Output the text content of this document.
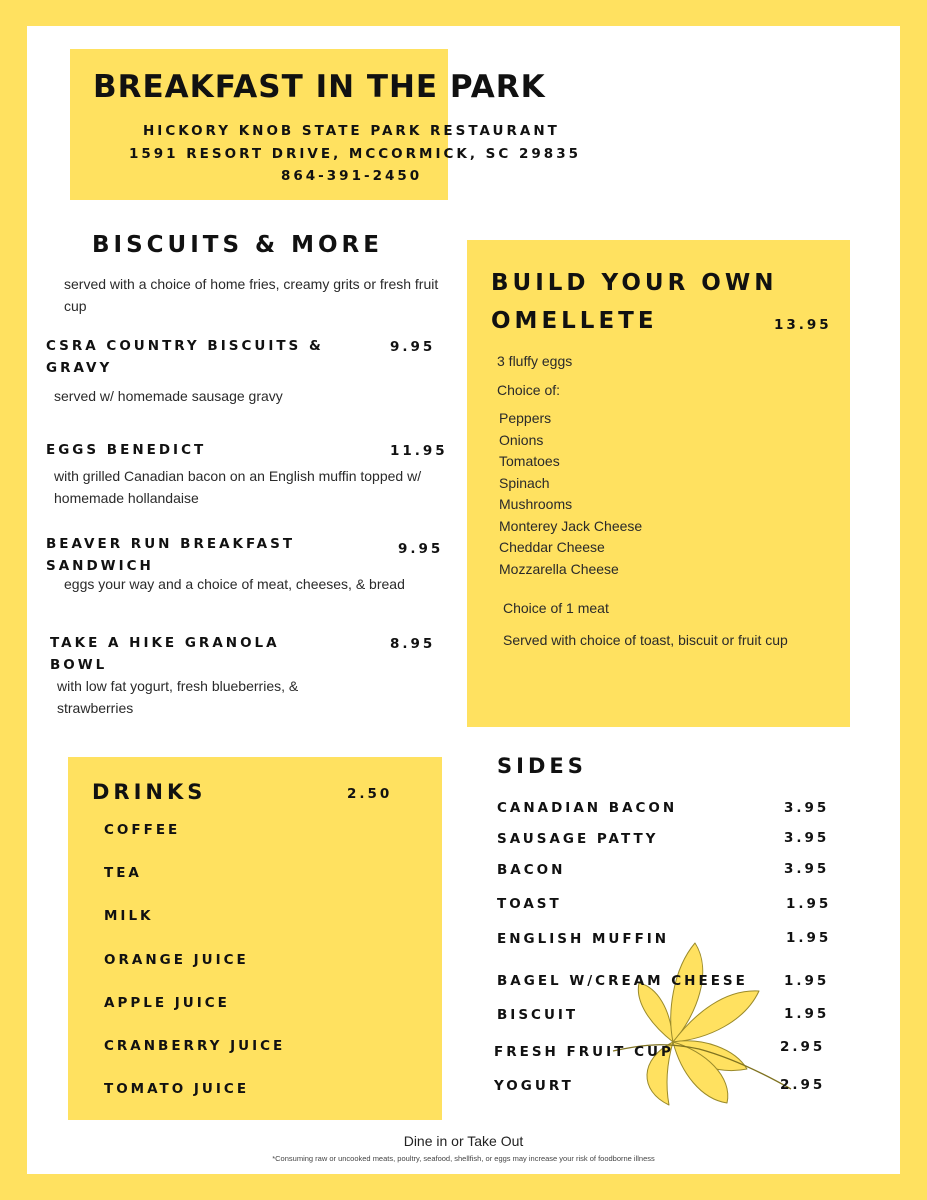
BREAKFAST IN THE PARK
HICKORY KNOB STATE PARK RESTAURANT
1591 RESORT DRIVE, MCCORMICK, SC 29835
864-391-2450
BISCUITS & MORE
served with a choice of home fries, creamy grits or fresh fruit cup
CSRA COUNTRY BISCUITS & GRAVY
9.95
served w/ homemade sausage gravy
EGGS BENEDICT	11.95
with grilled Canadian bacon on an English muffin topped w/ homemade hollandaise
BEAVER RUN BREAKFAST SANDWICH
9.95
eggs your way and a choice of meat, cheeses, & bread
TAKE A HIKE GRANOLA BOWL
8.95
with low fat yogurt, fresh blueberries, & strawberries
BUILD YOUR OWN OMELLETE	13.95
3 fluffy eggs
Choice of:
Peppers
Onions
Tomatoes
Spinach
Mushrooms
Monterey Jack Cheese
Cheddar Cheese
Mozzarella Cheese
Choice of 1 meat
Served with choice of toast, biscuit or fruit cup
DRINKS	2.50
COFFEE
TEA
MILK
ORANGE JUICE
APPLE JUICE
CRANBERRY JUICE
TOMATO JUICE
SIDES
CANADIAN BACON	3.95
SAUSAGE PATTY	3.95
BACON	3.95
TOAST	1.95
ENGLISH MUFFIN	1.95
BAGEL W/CREAM CHEESE	1.95
BISCUIT	1.95
FRESH FRUIT CUP	2.95
YOGURT	2.95
Dine in or Take Out
*Consuming raw or uncooked meats, poultry, seafood, shellfish, or eggs may increase your risk of foodborne illness
